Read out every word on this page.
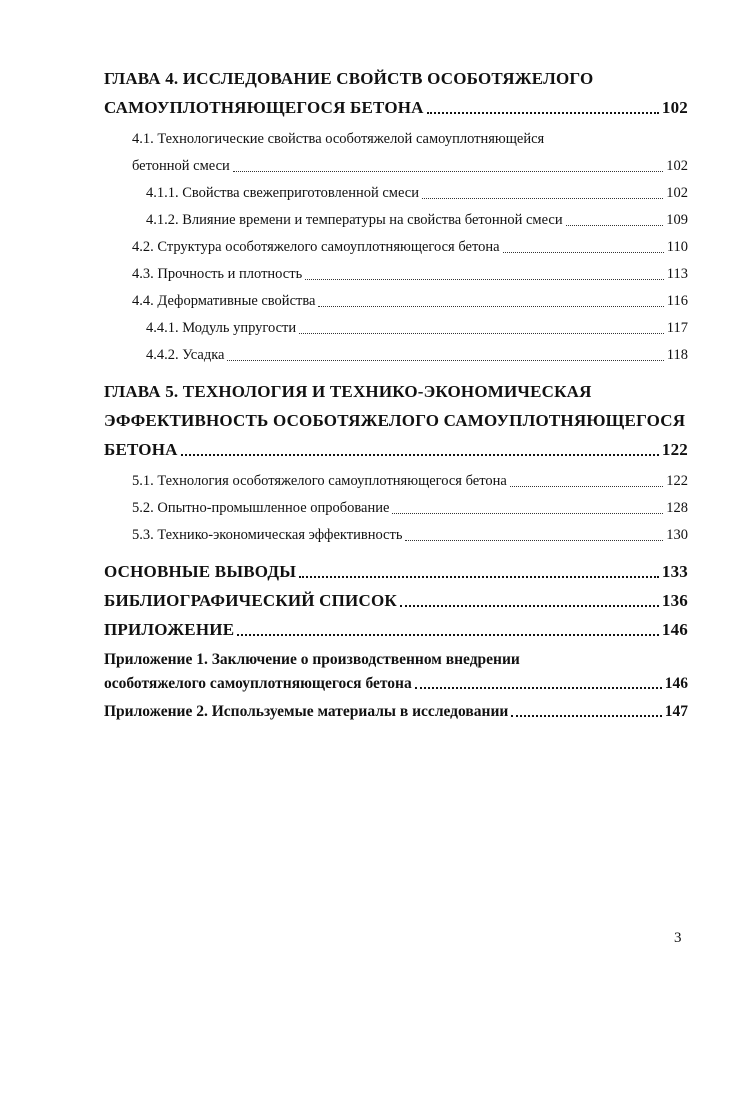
ГЛАВА 4. ИССЛЕДОВАНИЕ СВОЙСТВ ОСОБОТЯЖЕЛОГО
САМОУПЛОТНЯЮЩЕГОСЯ БЕТОНА	102
4.1. Технологические свойства особотяжелой самоуплотняющейся
бетонной смеси	102
4.1.1. Свойства свежеприготовленной смеси	102
4.1.2. Влияние времени и температуры на свойства бетонной смеси	109
4.2. Структура особотяжелого самоуплотняющегося бетона	110
4.3. Прочность и плотность	113
4.4. Деформативные свойства	116
4.4.1. Модуль упругости	117
4.4.2. Усадка	118
ГЛАВА 5. ТЕХНОЛОГИЯ И ТЕХНИКО-ЭКОНОМИЧЕСКАЯ
ЭФФЕКТИВНОСТЬ ОСОБОТЯЖЕЛОГО САМОУПЛОТНЯЮЩЕГОСЯ
БЕТОНА	122
5.1. Технология особотяжелого самоуплотняющегося бетона	122
5.2. Опытно-промышленное опробование	128
5.3. Технико-экономическая эффективность	130
ОСНОВНЫЕ ВЫВОДЫ	133
БИБЛИОГРАФИЧЕСКИЙ СПИСОК	136
ПРИЛОЖЕНИЕ	146
Приложение 1. Заключение о производственном внедрении
особотяжелого самоуплотняющегося бетона	146
Приложение 2. Используемые материалы в исследовании	147
3
